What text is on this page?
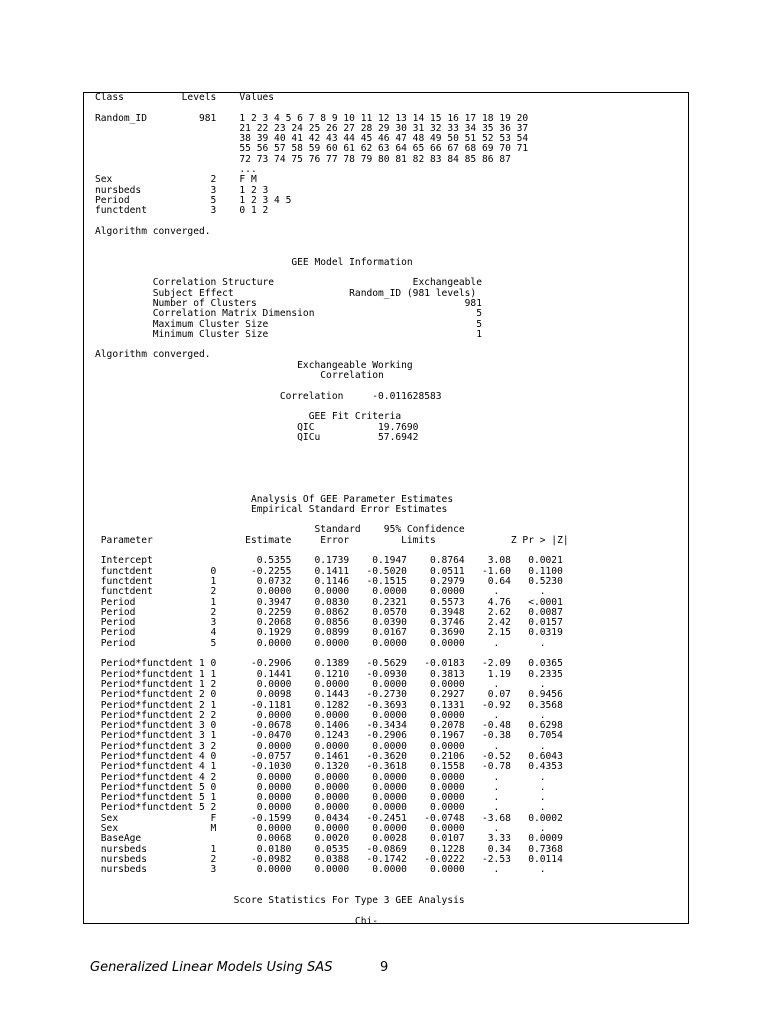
Class          Levels    Values

Random_ID         981    1 2 3 4 5 6 7 8 9 10 11 12 13 14 15 16 17 18 19 20
21 22 23 24 25 26 27 28 29 30 31 32 33 34 35 36 37
38 39 40 41 42 43 44 45 46 47 48 49 50 51 52 53 54
55 56 57 58 59 60 61 62 63 64 65 66 67 68 69 70 71
72 73 74 75 76 77 78 79 80 81 82 83 84 85 86 87
...
Sex                 2    F M
nursbeds            3    1 2 3
Period              5    1 2 3 4 5
functdent           3    0 1 2

Algorithm converged.

GEE Model Information

Correlation Structure                        Exchangeable
Subject Effect                    Random_ID (981 levels)
Number of Clusters                                    981
Correlation Matrix Dimension                            5
Maximum Cluster Size                                    5
Minimum Cluster Size                                    1

Algorithm converged.
Exchangeable Working
Correlation

Correlation     -0.011628583

GEE Fit Criteria
QIC           19.7690
QICu          57.6942

Analysis Of GEE Parameter Estimates
Empirical Standard Error Estimates

Standard    95% Confidence
Parameter                Estimate     Error         Limits             Z Pr > |Z|

Intercept                  0.5355    0.1739    0.1947    0.8764    3.08   0.0021
functdent          0      -0.2255    0.1411   -0.5020    0.0511   -1.60   0.1100
functdent          1       0.0732    0.1146   -0.1515    0.2979    0.64   0.5230
functdent          2       0.0000    0.0000    0.0000    0.0000     .       .
Period             1       0.3947    0.0830    0.2321    0.5573    4.76   <.0001
Period             2       0.2259    0.0862    0.0570    0.3948    2.62   0.0087
Period             3       0.2068    0.0856    0.0390    0.3746    2.42   0.0157
Period             4       0.1929    0.0899    0.0167    0.3690    2.15   0.0319
Period             5       0.0000    0.0000    0.0000    0.0000     .       .

Period*functdent 1 0      -0.2906    0.1389   -0.5629   -0.0183   -2.09   0.0365
Period*functdent 1 1       0.1441    0.1210   -0.0930    0.3813    1.19   0.2335
Period*functdent 1 2       0.0000    0.0000    0.0000    0.0000     .       .
Period*functdent 2 0       0.0098    0.1443   -0.2730    0.2927    0.07   0.9456
Period*functdent 2 1      -0.1181    0.1282   -0.3693    0.1331   -0.92   0.3568
Period*functdent 2 2       0.0000    0.0000    0.0000    0.0000     .       .
Period*functdent 3 0      -0.0678    0.1406   -0.3434    0.2078   -0.48   0.6298
Period*functdent 3 1      -0.0470    0.1243   -0.2906    0.1967   -0.38   0.7054
Period*functdent 3 2       0.0000    0.0000    0.0000    0.0000     .       .
Period*functdent 4 0      -0.0757    0.1461   -0.3620    0.2106   -0.52   0.6043
Period*functdent 4 1      -0.1030    0.1320   -0.3618    0.1558   -0.78   0.4353
Period*functdent 4 2       0.0000    0.0000    0.0000    0.0000     .       .
Period*functdent 5 0       0.0000    0.0000    0.0000    0.0000     .       .
Period*functdent 5 1       0.0000    0.0000    0.0000    0.0000     .       .
Period*functdent 5 2       0.0000    0.0000    0.0000    0.0000     .       .
Sex                F      -0.1599    0.0434   -0.2451   -0.0748   -3.68   0.0002
Sex                M       0.0000    0.0000    0.0000    0.0000     .       .
BaseAge                    0.0068    0.0020    0.0028    0.0107    3.33   0.0009
nursbeds           1       0.0180    0.0535   -0.0869    0.1228    0.34   0.7368
nursbeds           2      -0.0982    0.0388   -0.1742   -0.0222   -2.53   0.0114
nursbeds           3       0.0000    0.0000    0.0000    0.0000     .       .

Score Statistics For Type 3 GEE Analysis

Chi-

Generalized Linear Models Using SAS	9
